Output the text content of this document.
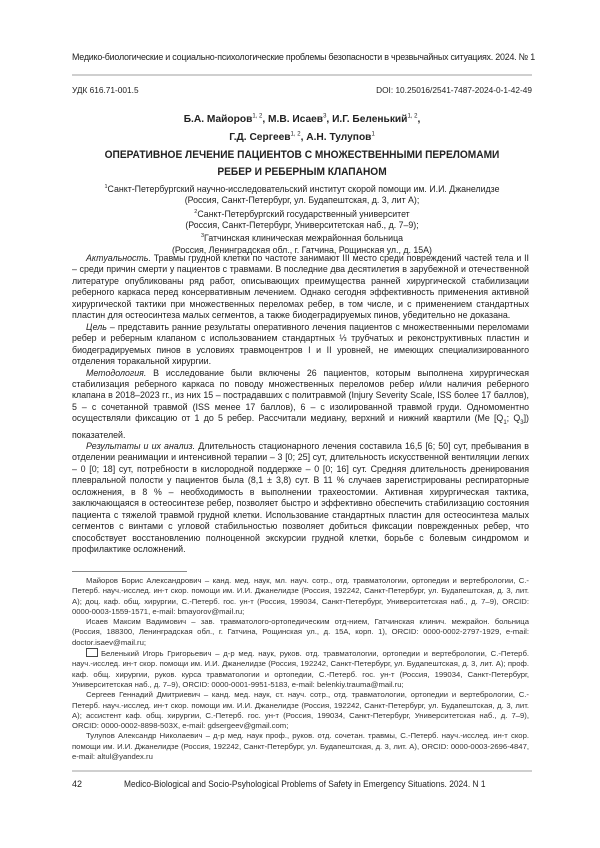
Медико-биологические и социально-психологические проблемы безопасности в чрезвычайных ситуациях. 2024. № 1
УДК 616.71-001.5	DOI: 10.25016/2541-7487-2024-0-1-42-49
Б.А. Майоров1, 2, М.В. Исаев3, И.Г. Беленький1, 2,
Г.Д. Сергеев1, 2, А.Н. Тулупов1
ОПЕРАТИВНОЕ ЛЕЧЕНИЕ ПАЦИЕНТОВ С МНОЖЕСТВЕННЫМИ ПЕРЕЛОМАМИ
РЕБЕР И РЕБЕРНЫМ КЛАПАНОМ
1Санкт-Петербургский научно-исследовательский институт скорой помощи им. И.И. Джанелидзе
(Россия, Санкт-Петербург, ул. Будапештская, д. 3, лит А);
2Санкт-Петербургский государственный университет
(Россия, Санкт-Петербург, Университетская наб., д. 7–9);
3Гатчинская клиническая межрайонная больница
(Россия, Ленинградская обл., г. Гатчина, Рощинская ул., д. 15А)

Актуальность. Травмы грудной клетки по частоте занимают III место среди повреждений частей тела и II – среди причин смерти у пациентов с травмами. В последние два десятилетия в зарубежной и отечественной литературе опубликованы ряд работ, описывающих преимущества ранней хирургической стабилизации реберного каркаса перед консервативным лечением. Однако сегодня эффективность применения активной хирургической тактики при множественных переломах ребер, в том числе, и с применением стандартных пластин для остеосинтеза малых сегментов, а также биодеградируемых пинов, убедительно не доказана.

Цель – представить ранние результаты оперативного лечения пациентов с множественными переломами ребер и реберным клапаном с использованием стандартных ⅓ трубчатых и реконструктивных пластин и биодеградируемых пинов в условиях травмоцентров I и II уровней, не имеющих специализированного отделения торакальной хирургии.

Методология. В исследование были включены 26 пациентов, которым выполнена хирургическая стабилизация реберного каркаса по поводу множественных переломов ребер и/или наличия реберного клапана в 2018–2023 гг., из них 15 – пострадавших с политравмой (Injury Severity Scale, ISS более 17 баллов), 5 – с сочетанной травмой (ISS менее 17 баллов), 6 – с изолированной травмой груди. Одномоментно осуществляли фиксацию от 1 до 5 ребер. Рассчитали медиану, верхний и нижний квартили (Me [Q1; Q3]) показателей.

Результаты и их анализ. Длительность стационарного лечения составила 16,5 [6; 50] сут, пребывания в отделении реанимации и интенсивной терапии – 3 [0; 25] сут, длительность искусственной вентиляции легких – 0 [0; 18] сут, потребности в кислородной поддержке – 0 [0; 16] сут. Средняя длительность дренирования плевральной полости у пациентов была (8,1 ± 3,8) сут. В 11 % случаев зарегистрированы респираторные осложнения, в 8 % – необходимость в выполнении трахеостомии. Активная хирургическая тактика, заключающаяся в остеосинтезе ребер, позволяет быстро и эффективно обеспечить стабилизацию состояния пациента с тяжелой травмой грудной клетки. Использование стандартных пластин для остеосинтеза малых сегментов с винтами с угловой стабильностью позволяет добиться фиксации поврежденных ребер, что способствует восстановлению полноценной экскурсии грудной клетки, борьбе с болевым синдромом и профилактике осложнений.

Майоров Борис Александрович – канд. мед. наук, мл. науч. сотр., отд. травматологии, ортопедии и вертебрологии, С.-Петерб. науч.-исслед. ин-т скор. помощи им. И.И. Джанелидзе (Россия, 192242, Санкт-Петербург, ул. Будапештская, д. 3, лит. А); доц. каф. общ. хирургии, С.-Петерб. гос. ун-т (Россия, 199034, Санкт-Петербург, Университетская наб., д. 7–9), ORCID: 0000-0003-1559-1571, e-mail: bmayorov@mail.ru;

Исаев Максим Вадимович – зав. травматолого-ортопедическим отд-нием, Гатчинская клинич. межрайон. больница (Россия, 188300, Ленинградская обл., г. Гатчина, Рощинская ул., д. 15А, корп. 1), ORCID: 0000-0002-2797-1929, e-mail: doctor.isaev@mail.ru;

Беленький Игорь Григорьевич – д-р мед. наук, руков. отд. травматологии, ортопедии и вертебрологии, С.-Петерб. науч.-исслед. ин-т скор. помощи им. И.И. Джанелидзе (Россия, 192242, Санкт-Петербург, ул. Будапештская, д. 3, лит. А); проф. каф. общ. хирургии, руков. курса травматологии и ортопедии, С.-Петерб. гос. ун-т (Россия, 199034, Санкт-Петербург, Университетская наб., д. 7–9), ORCID: 0000-0001-9951-5183, e-mail: belenkiy.trauma@mail.ru;

Сергеев Геннадий Дмитриевич – канд. мед. наук, ст. науч. сотр., отд. травматологии, ортопедии и вертебрологии, С.-Петерб. науч.-исслед. ин-т скор. помощи им. И.И. Джанелидзе (Россия, 192242, Санкт-Петербург, ул. Будапештская, д. 3, лит. А); ассистент каф. общ. хирургии, С.-Петерб. гос. ун-т (Россия, 199034, Санкт-Петербург, Университетская наб., д. 7–9), ORCID: 0000-0002-8898-503X, e-mail: gdsergeev@gmail.com;

Тулупов Александр Николаевич – д-р мед. наук проф., руков. отд. сочетан. травмы, С.-Петерб. науч.-исслед. ин-т скор. помощи им. И.И. Джанелидзе (Россия, 192242, Санкт-Петербург, ул. Будапештская, д. 3, лит. А), ORCID: 0000-0003-2696-4847, e-mail: altul@yandex.ru

42	Medico-Biological and Socio-Psyhological Problems of Safety in Emergency Situations. 2024. N 1
